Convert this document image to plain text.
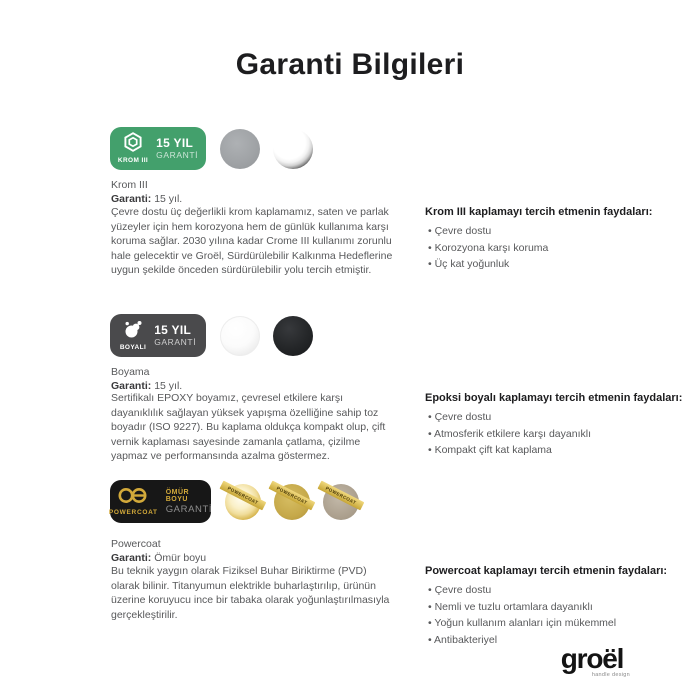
Garanti Bilgileri
KROM III
15 YIL
GARANTİ
Krom III
Garanti: 15 yıl.
Çevre dostu üç değerlikli krom kaplamamız, saten ve parlak yüzeyler için hem korozyona hem de günlük kullanıma karşı koruma sağlar. 2030 yılına kadar Crome III kullanımı zorunlu hale gelecektir ve Groël, Sürdürülebilir Kalkınma Hedeflerine uygun şekilde önceden sürdürülebilir yolu tercih etmiştir.
Krom III kaplamayı tercih etmenin faydaları:
• Çevre dostu
• Korozyona karşı koruma
• Üç kat yoğunluk
BOYALI
15 YIL
GARANTİ
Boyama
Garanti: 15 yıl.
Sertifikalı EPOXY boyamız, çevresel etkilere karşı dayanıklılık sağlayan yüksek yapışma özelliğine sahip toz boyadır (ISO 9227). Bu kaplama oldukça kompakt olup, çift vernik kaplaması sayesinde zamanla çatlama, çizilme yapmaz ve performansında azalma göstermez.
Epoksi boyalı kaplamayı tercih etmenin faydaları:
• Çevre dostu
• Atmosferik etkilere karşı dayanıklı
• Kompakt çift kat kaplama
POWERCOAT
ÖMÜR BOYU
GARANTİ
POWERCOAT	POWERCOAT	POWERCOAT
Powercoat
Garanti: Ömür boyu
Bu teknik yaygın olarak Fiziksel Buhar Biriktirme (PVD) olarak bilinir. Titanyumun elektrikle buharlaştırılıp, ürünün üzerine koruyucu ince bir tabaka olarak yoğunlaştırılmasıyla gerçekleştirilir.
Powercoat kaplamayı tercih etmenin faydaları:
• Çevre dostu
• Nemli ve tuzlu ortamlara dayanıklı
• Yoğun kullanım alanları için mükemmel
• Antibakteriyel
groël
handle design
